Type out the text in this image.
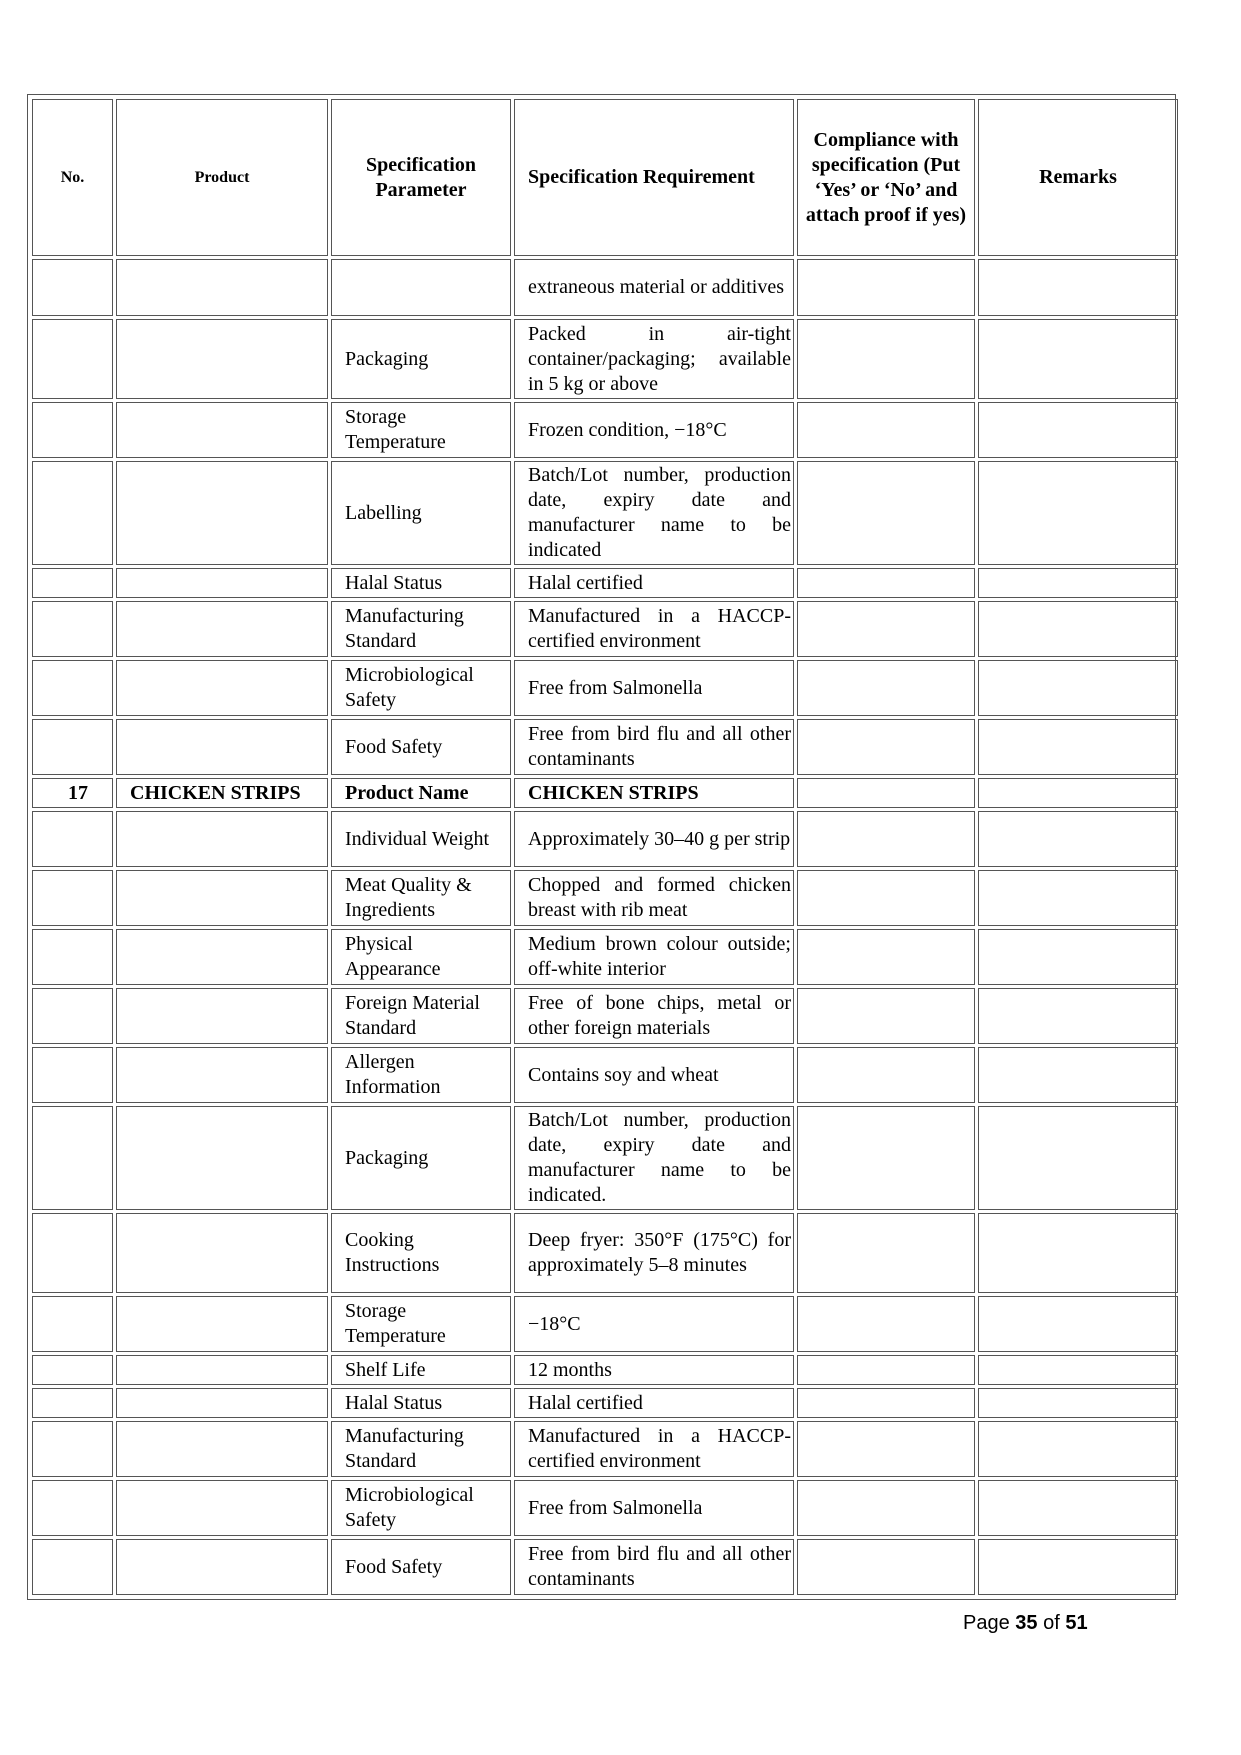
No.	Product	Specification Parameter	Specification Requirement	Compliance with specification (Put ‘Yes’ or ‘No’ and attach proof if yes)	Remarks
			extraneous material or additives		
		Packaging	Packed in air-tight container/packaging; available in 5 kg or above		
		Storage Temperature	Frozen condition, −18°C		
		Labelling	Batch/Lot number, production date, expiry date and manufacturer name to be indicated		
		Halal Status	Halal certified		
		Manufacturing Standard	Manufactured in a HACCP-certified environment		
		Microbiological Safety	Free from Salmonella		
		Food Safety	Free from bird flu and all other contaminants		
17	CHICKEN STRIPS	Product Name	CHICKEN STRIPS		
		Individual Weight	Approximately 30–40 g per strip		
		Meat Quality & Ingredients	Chopped and formed chicken breast with rib meat		
		Physical Appearance	Medium brown colour outside; off-white interior		
		Foreign Material Standard	Free of bone chips, metal or other foreign materials		
		Allergen Information	Contains soy and wheat		
		Packaging	Batch/Lot number, production date, expiry date and manufacturer name to be indicated.		
		Cooking Instructions	Deep fryer: 350°F (175°C) for approximately 5–8 minutes		
		Storage Temperature	−18°C		
		Shelf Life	12 months		
		Halal Status	Halal certified		
		Manufacturing Standard	Manufactured in a HACCP-certified environment		
		Microbiological Safety	Free from Salmonella		
		Food Safety	Free from bird flu and all other contaminants		
Page 35 of 51
